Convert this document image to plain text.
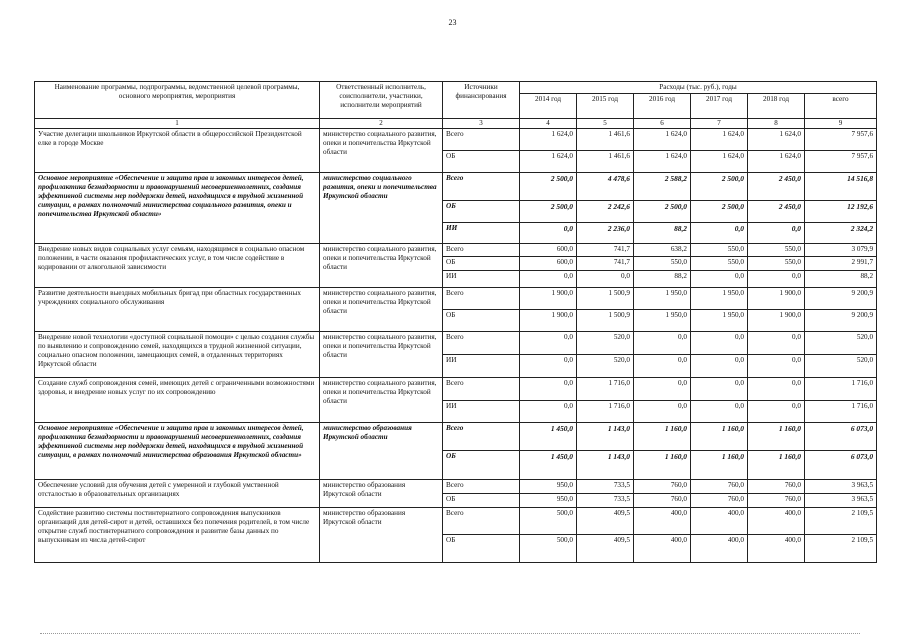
23
Наименование программы, подпрограммы, ведомственной целевой программы, основного мероприятия, мероприятия	Ответственный исполнитель, соисполнители, участники, исполнители мероприятий	Источники финансирования	Расходы (тыс. руб.), годы					
			2014 год	2015 год	2016 год	2017 год	2018 год	всего
1	2	3	4	5	6	7	8	9
Участие делегации школьников Иркутской области в общероссийской Президентской елке в городе Москве	министерство социального развития, опеки и попечительства Иркутской области	Всего	1 624,0	1 461,6	1 624,0	1 624,0	1 624,0	7 957,6
		ОБ	1 624,0	1 461,6	1 624,0	1 624,0	1 624,0	7 957,6
Основное мероприятие «Обеспечение и защита прав и законных интересов детей, профилактика безнадзорности и правонарушений несовершеннолетних, создания эффективной системы мер поддержки детей, находящихся в трудной жизненной ситуации, в рамках полномочий министерства социального развития, опеки и попечительства Иркутской области»	министерство социального развития, опеки и попечительства Иркутской области	Всего	2 500,0	4 478,6	2 588,2	2 500,0	2 450,0	14 516,8
		ОБ	2 500,0	2 242,6	2 500,0	2 500,0	2 450,0	12 192,6
		ИИ	0,0	2 236,0	88,2	0,0	0,0	2 324,2
Внедрение новых видов социальных услуг семьям, находящимся в социально опасном положении, в части оказания профилактических услуг, в том числе содействие в кодировании от алкогольной зависимости	министерство социального развития, опеки и попечительства Иркутской области	Всего	600,0	741,7	638,2	550,0	550,0	3 079,9
		ОБ	600,0	741,7	550,0	550,0	550,0	2 991,7
		ИИ	0,0	0,0	88,2	0,0	0,0	88,2
Развитие деятельности выездных мобильных бригад при областных государственных учреждениях социального обслуживания	министерство социального развития, опеки и попечительства Иркутской области	Всего	1 900,0	1 500,9	1 950,0	1 950,0	1 900,0	9 200,9
		ОБ	1 900,0	1 500,9	1 950,0	1 950,0	1 900,0	9 200,9
Внедрение новой технологии «доступной социальной помощи» с целью создания службы по выявлению и сопровождению семей, находящихся в трудной жизненной ситуации, социально опасном положении, замещающих семей, в отдаленных территориях Иркутской области	министерство социального развития, опеки и попечительства Иркутской области	Всего	0,0	520,0	0,0	0,0	0,0	520,0
		ИИ	0,0	520,0	0,0	0,0	0,0	520,0
Создание служб сопровождения семей, имеющих детей с ограниченными возможностями здоровья, и внедрение новых услуг по их сопровождению	министерство социального развития, опеки и попечительства Иркутской области	Всего	0,0	1 716,0	0,0	0,0	0,0	1 716,0
		ИИ	0,0	1 716,0	0,0	0,0	0,0	1 716,0
Основное мероприятие «Обеспечение и защита прав и законных интересов детей, профилактика безнадзорности и правонарушений несовершеннолетних, создания эффективной системы мер поддержки детей, находящихся в трудной жизненной ситуации, в рамках полномочий министерства образования Иркутской области»	министерство образования Иркутской области	Всего	1 450,0	1 143,0	1 160,0	1 160,0	1 160,0	6 073,0
		ОБ	1 450,0	1 143,0	1 160,0	1 160,0	1 160,0	6 073,0
Обеспечение условий для обучения детей с умеренной и глубокой умственной отсталостью в образовательных организациях	министерство образования Иркутской области	Всего	950,0	733,5	760,0	760,0	760,0	3 963,5
		ОБ	950,0	733,5	760,0	760,0	760,0	3 963,5
Содействие развитию системы постинтернатного сопровождения выпускников организаций для детей-сирот и детей, оставшихся без попечения родителей, в том числе открытие служб постинтернатного сопровождения и развитие базы данных по выпускникам из числа детей-сирот	министерство образования Иркутской области	Всего	500,0	409,5	400,0	400,0	400,0	2 109,5
		ОБ	500,0	409,5	400,0	400,0	400,0	2 109,5
